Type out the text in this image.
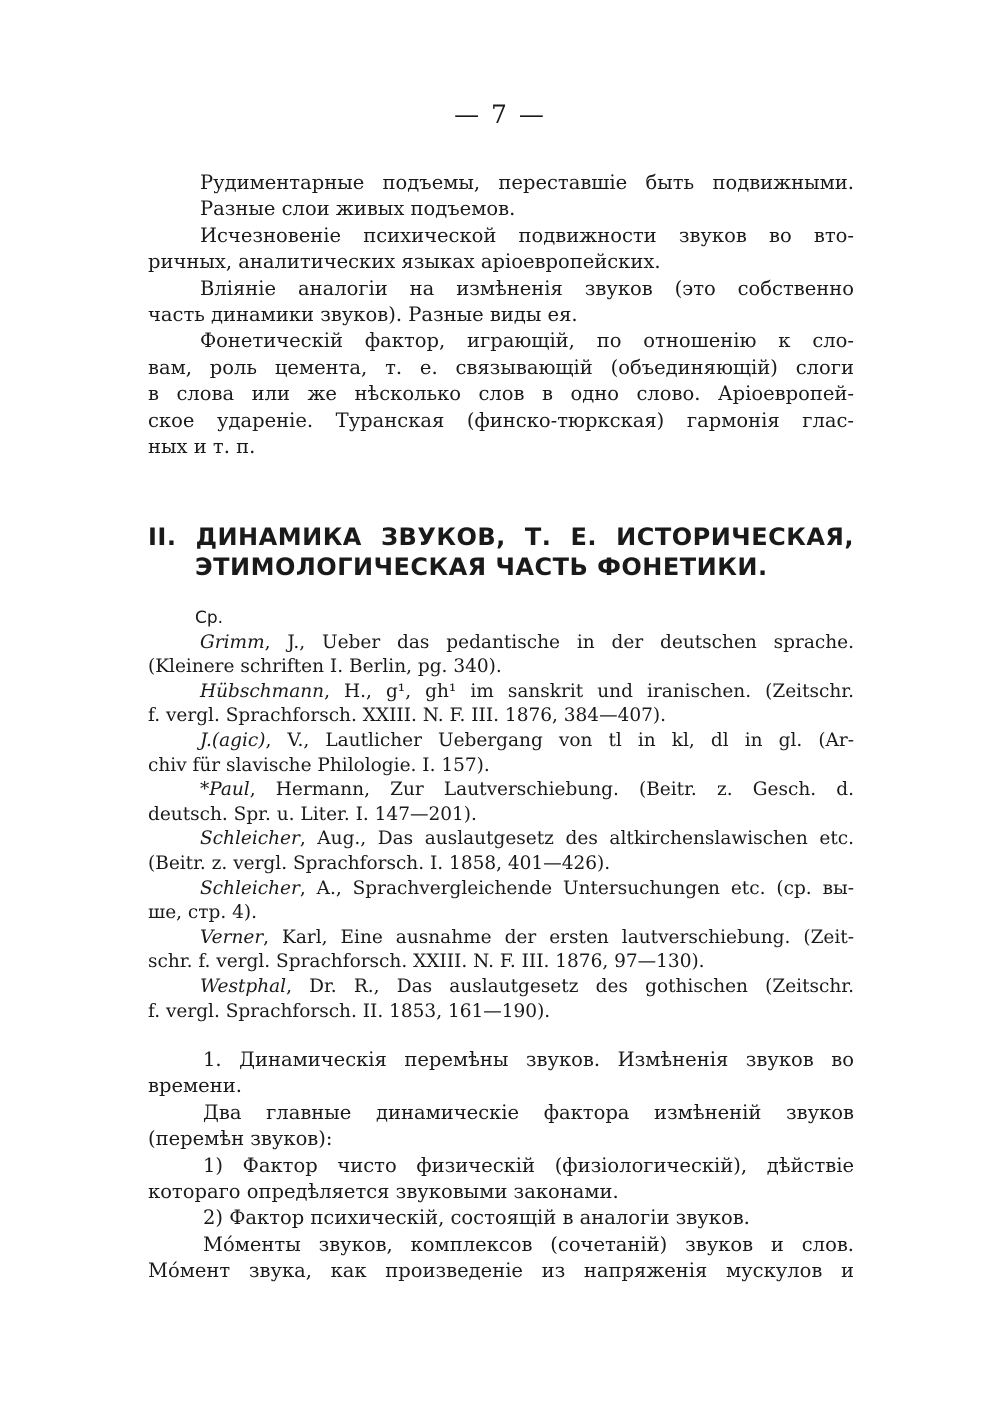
— 7 —
Рудиментарные подъемы, переставшіе быть подвижными.
Разные слои живых подъемов.
Исчезновеніе психической подвижности звуков во вто-
ричных, аналитических языках аріоевропейских.
Вліяніе аналогіи на измѣненія звуков (это собственно
часть динамики звуков). Разные виды ея.
Фонетическій фактор, играющій, по отношенію к сло-
вам, роль цемента, т. е. связывающій (объединяющій) слоги
в слова или же нѣсколько слов в одно слово. Аріоевропей-
ское удареніе. Туранская (финско-тюркская) гармонія глас-
ных и т. п.
II. ДИНАМИКА ЗВУКОВ, Т. Е. ИСТОРИЧЕСКАЯ,
ЭТИМОЛОГИЧЕСКАЯ ЧАСТЬ ФОНЕТИКИ.
Ср.
Grimm, J., Ueber das pedantische in der deutschen sprache.
(Kleinere schriften I. Berlin, pg. 340).
Hübschmann, H., g¹, gh¹ im sanskrit und iranischen. (Zeitschr.
f. vergl. Sprachforsch. XXIII. N. F. III. 1876, 384—407).
J.(agic), V., Lautlicher Uebergang von tl in kl, dl in gl. (Ar-
chiv für slavische Philologie. I. 157).
*Paul, Hermann, Zur Lautverschiebung. (Beitr. z. Gesch. d.
deutsch. Spr. u. Liter. I. 147—201).
Schleicher, Aug., Das auslautgesetz des altkirchenslawischen etc.
(Beitr. z. vergl. Sprachforsch. I. 1858, 401—426).
Schleicher, A., Sprachvergleichende Untersuchungen etc. (ср. вы-
ше, стр. 4).
Verner, Karl, Eine ausnahme der ersten lautverschiebung. (Zeit-
schr. f. vergl. Sprachforsch. XXIII. N. F. III. 1876, 97—130).
Westphal, Dr. R., Das auslautgesetz des gothischen (Zeitschr.
f. vergl. Sprachforsch. II. 1853, 161—190).
1. Динамическія перемѣны звуков. Измѣненія звуков во
времени.
Два главные динамическіе фактора измѣненій звуков
(перемѣн звуков):
1) Фактор чисто физическій (физіологическій), дѣйствіе
котораго опредѣляется звуковыми законами.
2) Фактор психическій, состоящій в аналогіи звуков.
Мо́менты звуков, комплексов (сочетаній) звуков и слов.
Мо́мент звука, как произведеніе из напряженія мускулов и
